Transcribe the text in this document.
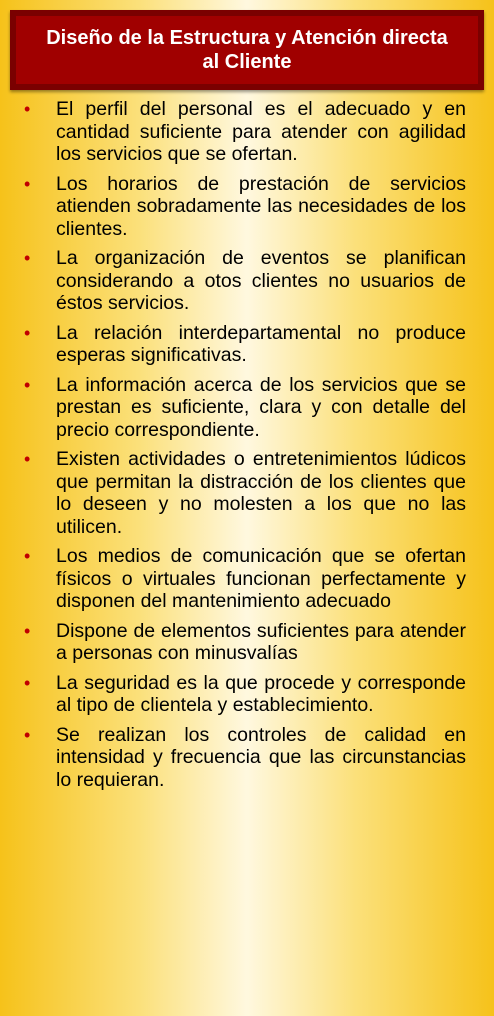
Diseño de la Estructura y Atención directa al Cliente
•	El perfil del personal es el adecuado y en cantidad suficiente para atender con agilidad los servicios que se ofertan.
•	Los horarios de prestación de servicios atienden sobradamente las necesidades de los clientes.
•	La organización de eventos se planifican considerando a otos clientes no usuarios de éstos servicios.
•	La relación interdepartamental no produce esperas significativas.
•	La información acerca de los servicios que se prestan es suficiente, clara y con detalle del precio correspondiente.
•	Existen actividades o entretenimientos lúdicos que permitan la distracción de los clientes que lo deseen y no molesten a los que no las utilicen.
•	Los medios de comunicación que se ofertan físicos o virtuales funcionan perfectamente y disponen del mantenimiento adecuado
•	Dispone de elementos suficientes para atender a personas con minusvalías
•	La seguridad es la que procede y corresponde al tipo de clientela y establecimiento.
•	Se realizan los controles de calidad en intensidad y frecuencia que las circunstancias lo requieran.
